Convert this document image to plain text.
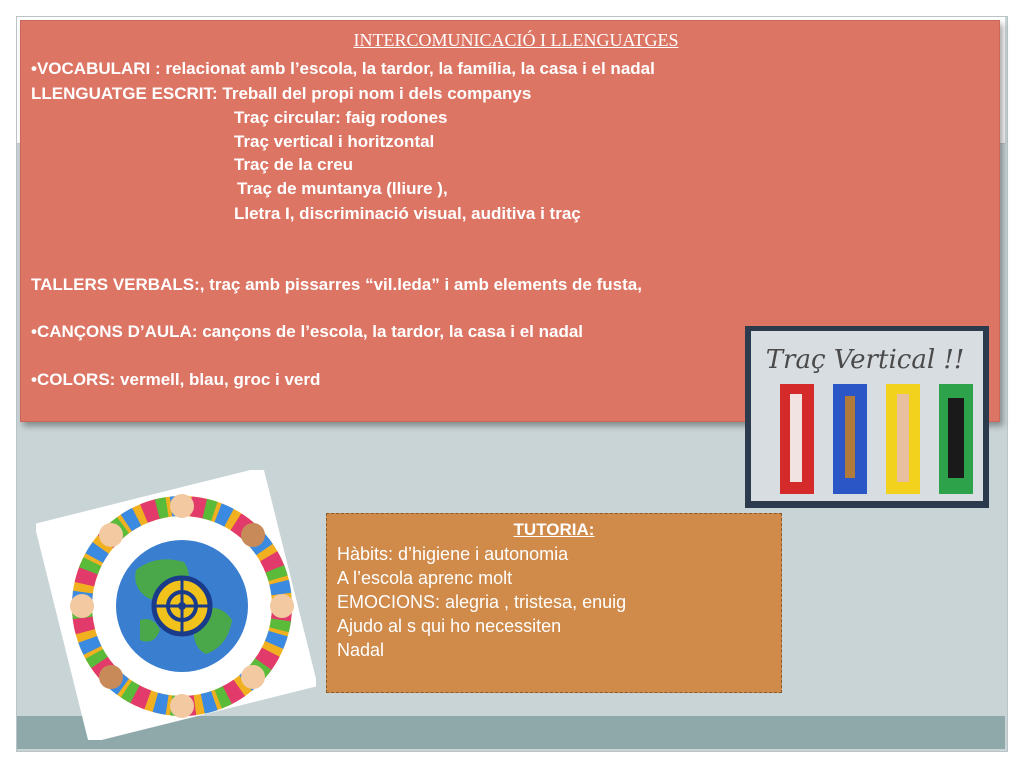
INTERCOMUNICACIÓ I LLENGUATGES
•VOCABULARI : relacionat amb l’escola, la tardor, la família, la casa i el nadal
LLENGUATGE ESCRIT: Treball del propi nom i dels companys
Traç circular: faig rodones
Traç vertical i horitzontal
Traç de la creu
Traç de muntanya (lliure ),
Lletra I, discriminació visual, auditiva i traç
TALLERS VERBALS:, traç amb pissarres “vil.leda” i amb elements de fusta,
•CANÇONS D’AULA: cançons de l’escola, la tardor, la casa i el nadal
•COLORS: vermell, blau, groc i verd
Traç Vertical !!
TUTORIA:
Hàbits: d’higiene i autonomia
A l’escola aprenc molt
EMOCIONS: alegria , tristesa, enuig
Ajudo al s qui ho necessiten
Nadal
